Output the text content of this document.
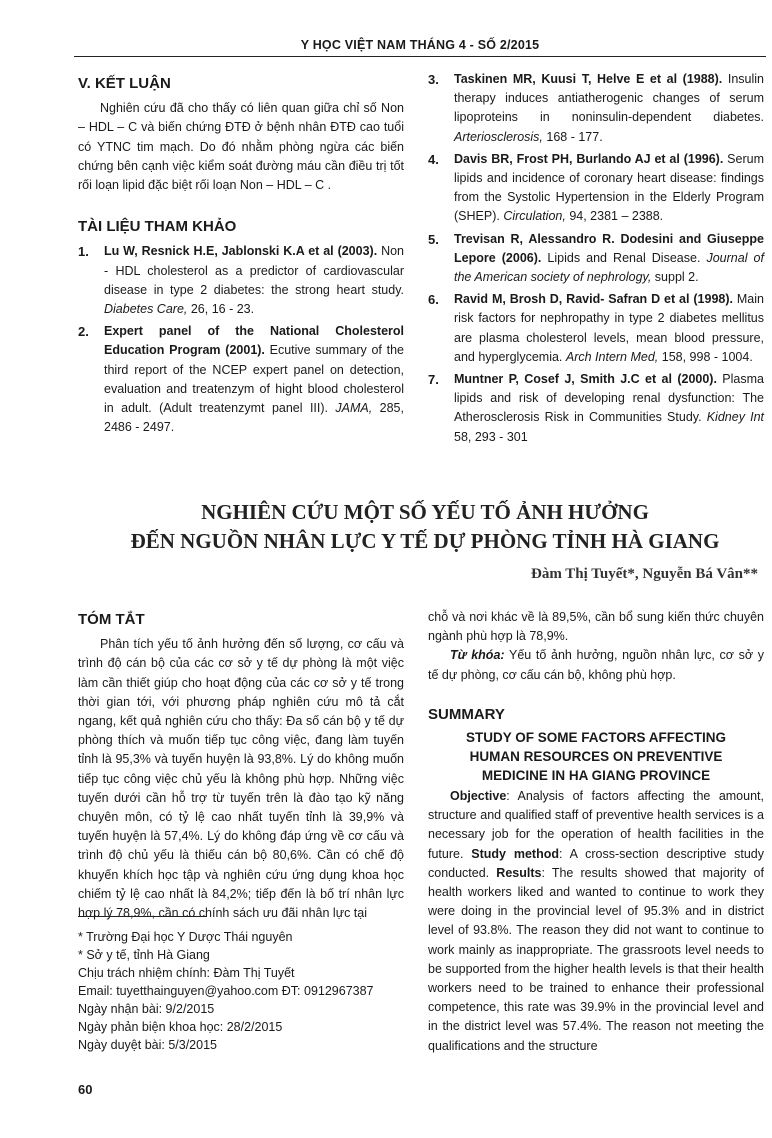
Y HỌC VIỆT NAM THÁNG 4 - SỐ 2/2015
V. KẾT LUẬN

Nghiên cứu đã cho thấy có liên quan giữa chỉ số Non – HDL – C và biến chứng ĐTĐ ở bệnh nhân ĐTĐ cao tuổi có YTNC tim mạch. Do đó nhằm phòng ngừa các biến chứng bên cạnh việc kiểm soát đường máu cần điều trị tốt rối loạn lipid đặc biệt rối loạn Non – HDL – C .

TÀI LIỆU THAM KHẢO
1.	Lu W, Resnick H.E, Jablonski K.A et al (2003). Non - HDL cholesterol as a predictor of cardiovascular disease in type 2 diabetes: the strong heart study. Diabetes Care, 26, 16 - 23.
2.	Expert panel of the National Cholesterol Education Program (2001). Ecutive summary of the third report of the NCEP expert panel on detection, evaluation and treatenzym of hight blood cholesterol in adult. (Adult treatenzymt panel III). JAMA, 285, 2486 - 2497.
3.	Taskinen MR, Kuusi T, Helve E et al (1988). Insulin therapy induces antiatherogenic changes of serum lipoproteins in noninsulin-dependent diabetes. Arteriosclerosis, 168 - 177.
4.	Davis BR, Frost PH, Burlando AJ et al (1996). Serum lipids and incidence of coronary heart disease: findings from the Systolic Hypertension in the Elderly Program (SHEP). Circulation, 94, 2381 – 2388.
5.	Trevisan R, Alessandro R. Dodesini and Giuseppe Lepore (2006). Lipids and Renal Disease. Journal of the American society of nephrology, suppl 2.
6.	Ravid M, Brosh D, Ravid- Safran D et al (1998). Main risk factors for nephropathy in type 2 diabetes mellitus are plasma cholesterol levels, mean blood pressure, and hyperglycemia. Arch Intern Med, 158, 998 - 1004.
7.	Muntner P, Cosef J, Smith J.C et al (2000). Plasma lipids and risk of developing renal dysfunction: The Atherosclerosis Risk in Communities Study. Kidney Int 58, 293 - 301
NGHIÊN CỨU MỘT SỐ YẾU TỐ ẢNH HƯỞNG
ĐẾN NGUỒN NHÂN LỰC Y TẾ DỰ PHÒNG TỈNH HÀ GIANG
Đàm Thị Tuyết*, Nguyễn Bá Vân**
TÓM TẮT

Phân tích yếu tố ảnh hưởng đến số lượng, cơ cấu và trình độ cán bộ của các cơ sở y tế dự phòng là một việc làm cần thiết giúp cho hoạt động của các cơ sở y tế trong thời gian tới, với phương pháp nghiên cứu mô tả cắt ngang, kết quả nghiên cứu cho thấy: Đa số cán bộ y tế dự phòng thích và muốn tiếp tục công việc, đang làm tuyến tỉnh là 95,3% và tuyến huyện là 93,8%. Lý do không muốn tiếp tục công việc chủ yếu là không phù hợp. Những việc tuyến dưới cần hỗ trợ từ tuyến trên là đào tạo kỹ năng chuyên môn, có tỷ lệ cao nhất tuyến tỉnh là 39,9% và tuyến huyện là 57,4%. Lý do không đáp ứng về cơ cấu và trình độ chủ yếu là thiếu cán bộ 80,6%. Cần có chế độ khuyến khích học tập và nghiên cứu ứng dụng khoa học chiếm tỷ lệ cao nhất là 84,2%; tiếp đến là bố trí nhân lực hợp lý 78,9%, cần có chính sách ưu đãi nhân lực tại

* Trường Đại học Y Dược Thái nguyên
* Sở y tế, tỉnh Hà Giang
Chịu trách nhiệm chính: Đàm Thị Tuyết
Email: tuyetthainguyen@yahoo.com ĐT: 0912967387
Ngày nhận bài: 9/2/2015
Ngày phản biện khoa học: 28/2/2015
Ngày duyệt bài: 5/3/2015

chỗ và nơi khác về là 89,5%, cần bổ sung kiến thức chuyên ngành phù hợp là 78,9%.

Từ khóa: Yếu tố ảnh hưởng, nguồn nhân lực, cơ sở y tế dự phòng, cơ cấu cán bộ, không phù hợp.

SUMMARY
STUDY OF SOME FACTORS AFFECTING
HUMAN RESOURCES ON PREVENTIVE
MEDICINE IN HA GIANG PROVINCE

Objective: Analysis of factors affecting the amount, structure and qualified staff of preventive health services is a necessary job for the operation of health facilities in the future. Study method: A cross-section descriptive study conducted. Results: The results showed that majority of health workers liked and wanted to continue to work they were doing in the provincial level of 95.3% and in district level of 93.8%. The reason they did not want to continue to work mainly as inappropriate. The grassroots level needs to be supported from the higher health levels is that their health workers need to be trained to enhance their professional competence, this rate was 39.9% in the provincial level and in the district level was 57.4%. The reason not meeting the qualifications and the structure

60
